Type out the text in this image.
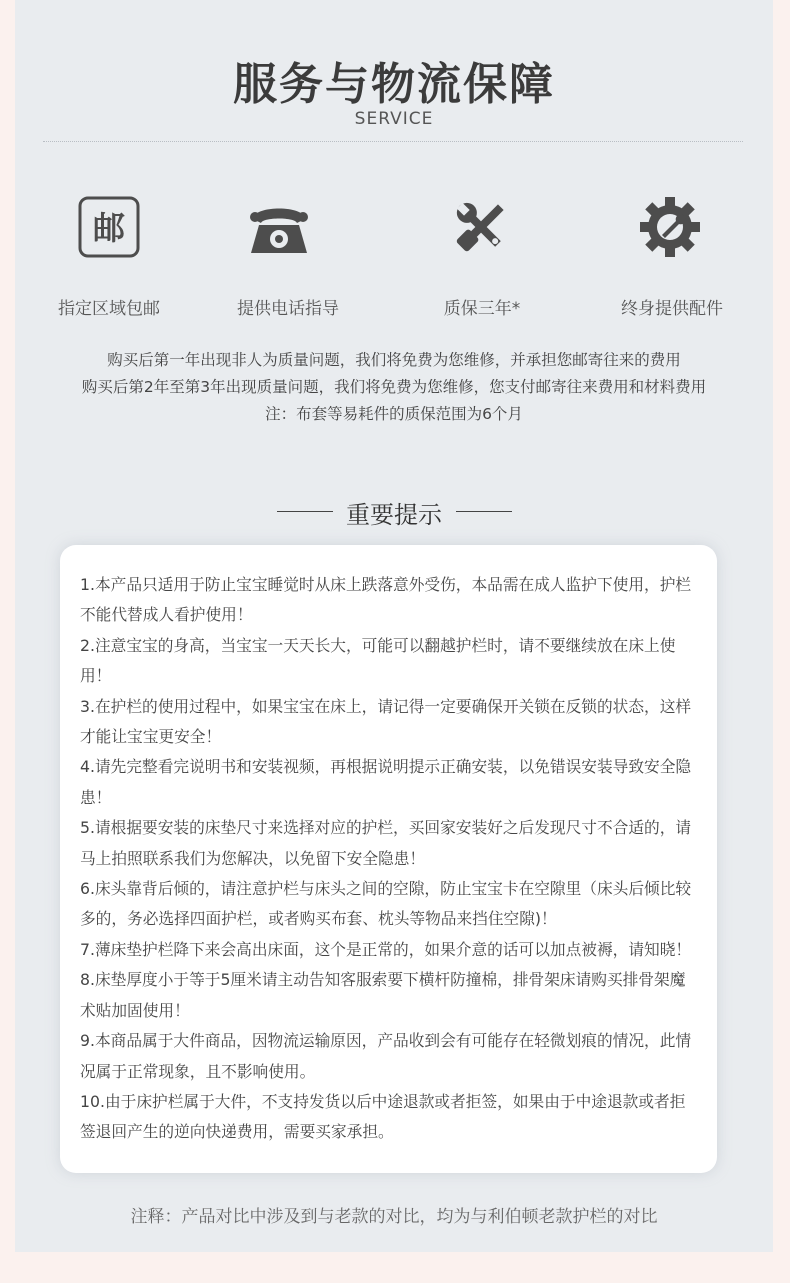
服务与物流保障
SERVICE
邮
指定区域包邮	提供电话指导	质保三年*	终身提供配件
购买后第一年出现非人为质量问题，我们将免费为您维修，并承担您邮寄往来的费用
购买后第2年至第3年出现质量问题，我们将免费为您维修，您支付邮寄往来费用和材料费用
注：布套等易耗件的质保范围为6个月
重要提示

1.本产品只适用于防止宝宝睡觉时从床上跌落意外受伤，本品需在成人监护下使用，护栏不能代替成人看护使用！

2.注意宝宝的身高，当宝宝一天天长大，可能可以翻越护栏时，请不要继续放在床上使用！

3.在护栏的使用过程中，如果宝宝在床上，请记得一定要确保开关锁在反锁的状态，这样才能让宝宝更安全！

4.请先完整看完说明书和安装视频，再根据说明提示正确安装，以免错误安装导致安全隐患！

5.请根据要安装的床垫尺寸来选择对应的护栏，买回家安装好之后发现尺寸不合适的，请马上拍照联系我们为您解决，以免留下安全隐患！

6.床头靠背后倾的，请注意护栏与床头之间的空隙，防止宝宝卡在空隙里（床头后倾比较多的，务必选择四面护栏，或者购买布套、枕头等物品来挡住空隙)！

7.薄床垫护栏降下来会高出床面，这个是正常的，如果介意的话可以加点被褥，请知晓！

8.床垫厚度小于等于5厘米请主动告知客服索要下横杆防撞棉，排骨架床请购买排骨架魔术贴加固使用！

9.本商品属于大件商品，因物流运输原因，产品收到会有可能存在轻微划痕的情况，此情况属于正常现象，且不影响使用。

10.由于床护栏属于大件，不支持发货以后中途退款或者拒签，如果由于中途退款或者拒签退回产生的逆向快递费用，需要买家承担。

注释：产品对比中涉及到与老款的对比，均为与利伯顿老款护栏的对比
